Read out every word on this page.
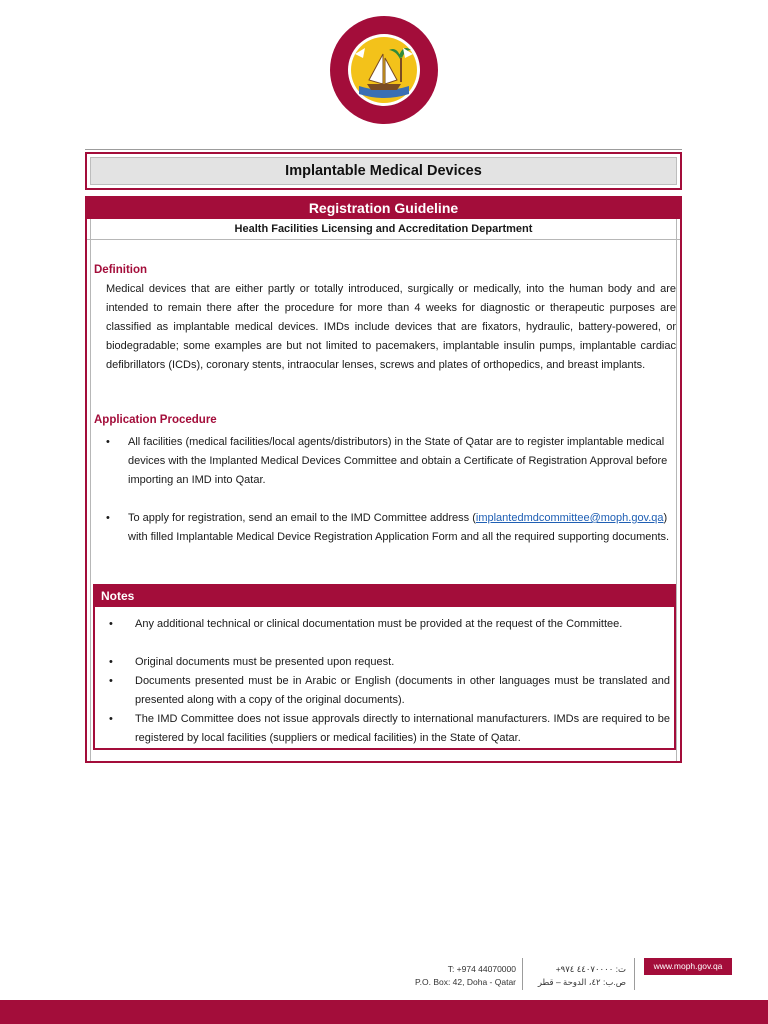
Implantable Medical Devices
Registration Guideline
Health Facilities Licensing and Accreditation Department
Definition
Medical devices that are either partly or totally introduced, surgically or medically, into the human body and are intended to remain there after the procedure for more than 4 weeks for diagnostic or therapeutic purposes are classified as implantable medical devices. IMDs include devices that are fixators, hydraulic, battery-powered, or biodegradable; some examples are but not limited to pacemakers, implantable insulin pumps, implantable cardiac defibrillators (ICDs), coronary stents, intraocular lenses, screws and plates of orthopedics, and breast implants.
Application Procedure
•	All facilities (medical facilities/local agents/distributors) in the State of Qatar are to register implantable medical devices with the Implanted Medical Devices Committee and obtain a Certificate of Registration Approval before importing an IMD into Qatar.
•	To apply for registration, send an email to the IMD Committee address (implantedmdcommittee@moph.gov.qa) with filled Implantable Medical Device Registration Application Form and all the required supporting documents.
Notes
•	Any additional technical or clinical documentation must be provided at the request of the Committee.
•	Original documents must be presented upon request.
•	Documents presented must be in Arabic or English (documents in other languages must be translated and presented along with a copy of the original documents).
•	The IMD Committee does not issue approvals directly to international manufacturers. IMDs are required to be registered by local facilities (suppliers or medical facilities) in the State of Qatar.
T: +974 44070000
P.O. Box: 42, Doha - Qatar
ت: ٤٤٠٧٠٠٠٠ ٩٧٤+
ص.ب: ٤٢، الدوحة – قطر
www.moph.gov.qa
